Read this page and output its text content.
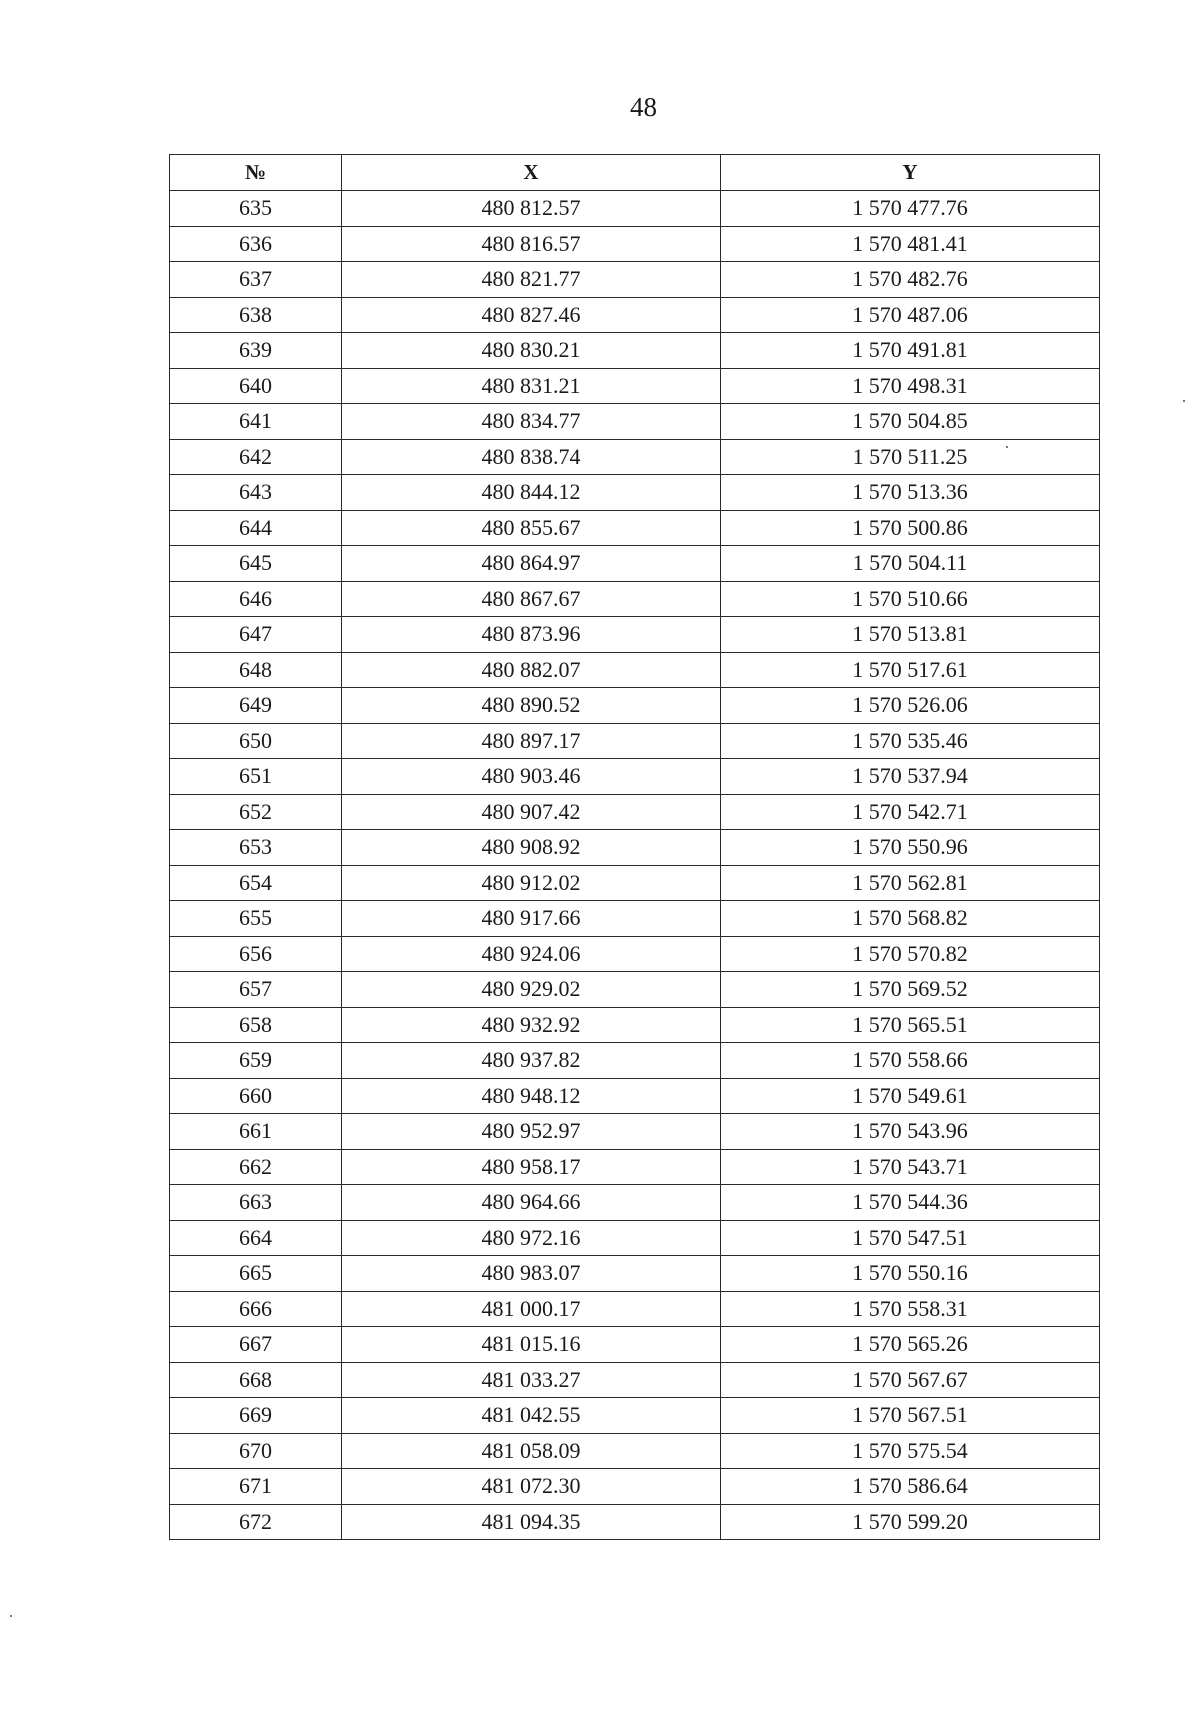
48
№	X	Y
635	480 812.57	1 570 477.76
636	480 816.57	1 570 481.41
637	480 821.77	1 570 482.76
638	480 827.46	1 570 487.06
639	480 830.21	1 570 491.81
640	480 831.21	1 570 498.31
641	480 834.77	1 570 504.85
642	480 838.74	1 570 511.25
643	480 844.12	1 570 513.36
644	480 855.67	1 570 500.86
645	480 864.97	1 570 504.11
646	480 867.67	1 570 510.66
647	480 873.96	1 570 513.81
648	480 882.07	1 570 517.61
649	480 890.52	1 570 526.06
650	480 897.17	1 570 535.46
651	480 903.46	1 570 537.94
652	480 907.42	1 570 542.71
653	480 908.92	1 570 550.96
654	480 912.02	1 570 562.81
655	480 917.66	1 570 568.82
656	480 924.06	1 570 570.82
657	480 929.02	1 570 569.52
658	480 932.92	1 570 565.51
659	480 937.82	1 570 558.66
660	480 948.12	1 570 549.61
661	480 952.97	1 570 543.96
662	480 958.17	1 570 543.71
663	480 964.66	1 570 544.36
664	480 972.16	1 570 547.51
665	480 983.07	1 570 550.16
666	481 000.17	1 570 558.31
667	481 015.16	1 570 565.26
668	481 033.27	1 570 567.67
669	481 042.55	1 570 567.51
670	481 058.09	1 570 575.54
671	481 072.30	1 570 586.64
672	481 094.35	1 570 599.20
